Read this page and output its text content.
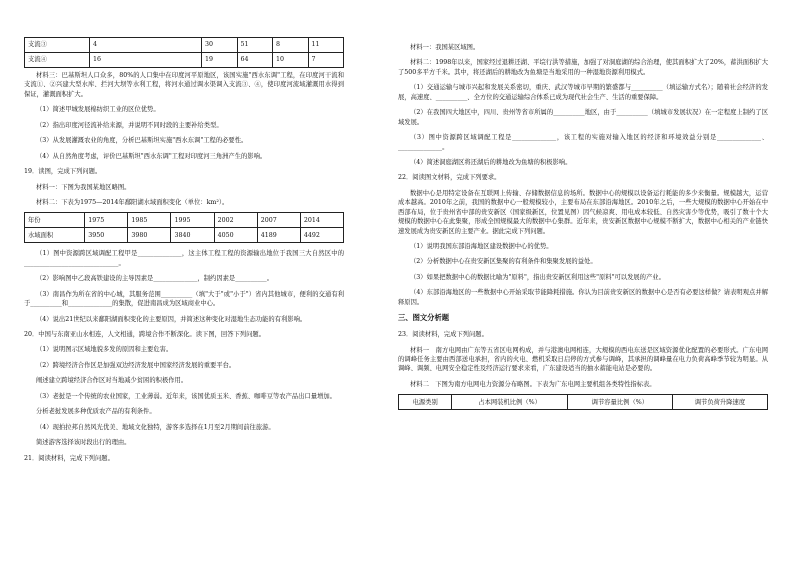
支流③	4	30	51	8	11
支流④	16	19	64	10	7

材料三：巴基斯坦人口众多，80%的人口集中在印度河平原地区，该国实施"西水东调"工程，在印度河干流和支流①、②兴建大型水库、拦河大坝等水利工程，将河水通过调水渠调入支流③、④，使印度河流域灌溉用水得到保证，灌溉面积扩大。

（1）简述甲城发展棉纺织工业的区位优势。

（2）指出印度河径流补给来源，并说明不同时段的主要补给类型。

（3）从发展灌溉农业的角度，分析巴基斯坦实施"西水东调"工程的必要性。

（4）从自然角度考虑，评价巴基斯坦"西水东调"工程对印度河三角洲产生的影响。

19．读图，完成下列问题。

材料一：下图为我国某地区略图。

材料二：下表为1975—2014年鄱阳湖水域面积变化（单位：km²）。

年份	1975	1985	1995	2002	2007	2014
水域面积	3950	3980	3840	4050	4189	4492

（1）图中资源跨区域调配工程甲是______________，这主体工程工程的资源输出地位于我国三大自然区中的______________________________。

（2）影响图中乙段高铁建设的主导因素是______________，制约因素是__________。

（3）南昌作为所在省的中心城，其服务范围__________（填"大于"或"小于"）省内其他城市，便利的交通有利于__________和______________的集散，促进南昌成为区域商业中心。

（4）说出21世纪以来鄱阳湖面积变化的主要原因，并简述这种变化对湿地生态功能的有利影响。

20．中国与东南亚山水相连，人文相通，跨境合作不断深化。读下图，回答下列问题。

（1）说明图示区域地貌多发的原因和主要危害。

（2）跨境经济合作区是加强双边经济发展中国家经济发展的重要平台。

阐述建立跨境经济合作区对当地减少贫困的积极作用。

（3）老挝是一个传统的农业国家，工业薄弱。近年来，该国优质玉米、香蕉、咖啡豆等农产品出口量增加。

分析老挝发展多种优质农产品的有利条件。

（4）现拍拉邦自然风光优美、地域文化独特，游客多选择在1月至2月期间前往旅游。

简述游客选择该时段出行的理由。

21．阅读材料，完成下列问题。

材料一：我国某区域图。

材料二：1998年以来，国家经过退耕还湖、平垸行洪等措施，加强了对洞庭湖的综合治理，使其面积扩大了20%，蓄洪面积扩大了500多平方千米。其中，将还湖后的耕地改为鱼塘是当地采用的一种湿地资源利用模式。

（1）交通运输与城市兴起和发展关系密切，重庆、武汉等城市早期的繁盛都与__________（填运输方式名）；随着社会经济的发展，高速度、__________、全方位的交通运输综合体系已成为现代社会生产、生活的重要保障。

（2）在我国四大地区中，四川、贵州等省市所属的__________地区，由于__________（填城市发展状况）在一定程度上制约了区域发展。

（3）图中资源跨区域调配工程是______________，该工程的实施对输入地区的经济和环境效益分别是______________、______________。

（4）简述洞庭湖区将还湖后的耕地改为鱼塘的积极影响。

22．阅读图文材料，完成下列要求。

数据中心是用特定设备在互联网上传输、存储数据信息的场所。数据中心的规模以设备运行耗能的多少来衡量。规模越大，运营成本越高。2010年之前，我国的数据中心一般规模较小，主要布局在东部沿海地区。2010年之后，一些大规模的数据中心开始在中西部布局，位于贵州省中部的贵安新区（国家级新区，位置见图）因气候凉爽、用电成本较低、自然灾害少等优势，吸引了数十个大规模的数据中心在此集聚，形成全国规模最大的数据中心集群。近年来，贵安新区数据中心规模不断扩大，数据中心相关的产业链快速发展成为贵安新区的主要产业。据此完成下列问题。

（1）说明我国东部沿海地区建设数据中心的优势。

（2）分析数据中心在贵安新区集聚的有利条件和集聚发展的益处。

（3）如果把数据中心的数据比喻为"原料"，指出贵安新区利用这些"原料"可以发展的产业。

（4）东部沿海地区的一些数据中心开始采取节能降耗措施。你认为目前贵安新区的数据中心是否有必要这样做？请表明观点并解释原因。

三、图文分析题

23．阅读材料，完成下列问题。

材料一　南方电网由广东等五省区电网构成，并与港澳电网相连，大规模的西电东送是区域资源优化配置的必要形式。广东电网的调峰任务主要由西部送电承担，省内的火电、燃机采取日启停的方式参与调峰，其承担的调峰量在电力负荷高峰季节较为明显。从调峰、调频、电网安全稳定性及经济运行要求来看，广东建设适当的抽水蓄能电站是必要的。

材料二　下图为南方电网电力资源分布略图。下表为广东电网主要机组各类特性指标表。

电源类别	占本网装机比例（%）	调节容量比例（%）	调节负荷升降速度
